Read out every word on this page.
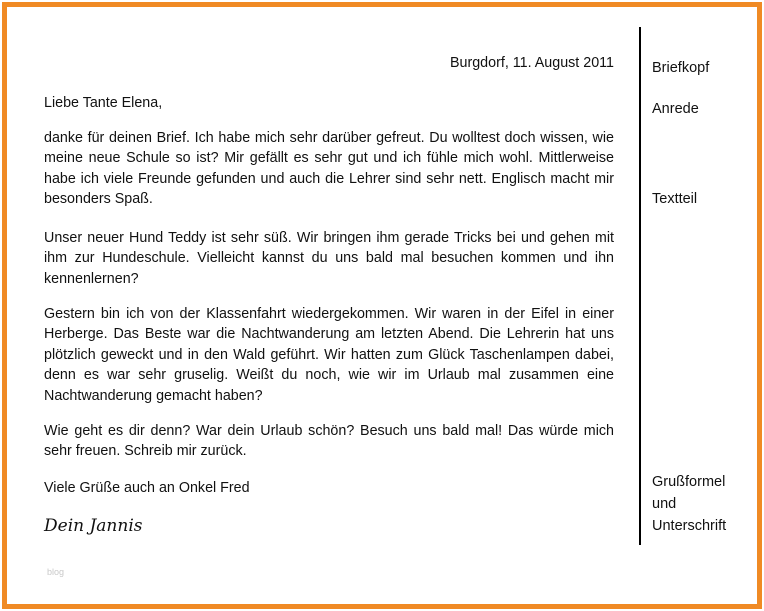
Burgdorf, 11. August 2011
Liebe Tante Elena,

danke für deinen Brief. Ich habe mich sehr darüber gefreut. Du wolltest doch wissen, wie meine neue Schule so ist? Mir gefällt es sehr gut und ich fühle mich wohl. Mittlerweise habe ich viele Freunde gefunden und auch die Lehrer sind sehr nett. Englisch macht mir besonders Spaß.

Unser neuer Hund Teddy ist sehr süß. Wir bringen ihm gerade Tricks bei und gehen mit ihm zur Hundeschule. Vielleicht kannst du uns bald mal besuchen kommen und ihn kennenlernen?

Gestern bin ich von der Klassenfahrt wiedergekommen. Wir waren in der Eifel in einer Herberge. Das Beste war die Nachtwanderung am letzten Abend. Die Lehrerin hat uns plötzlich geweckt und in den Wald geführt. Wir hatten zum Glück Taschenlampen dabei, denn es war sehr gruselig. Weißt du noch, wie wir im Urlaub mal zusammen eine Nachtwanderung gemacht haben?

Wie geht es dir denn? War dein Urlaub schön? Besuch uns bald mal! Das würde mich sehr freuen. Schreib mir zurück.

Viele Grüße auch an Onkel Fred
Dein Jannis
Briefkopf
Anrede
Textteil
Grußformel
und
Unterschrift
blog
